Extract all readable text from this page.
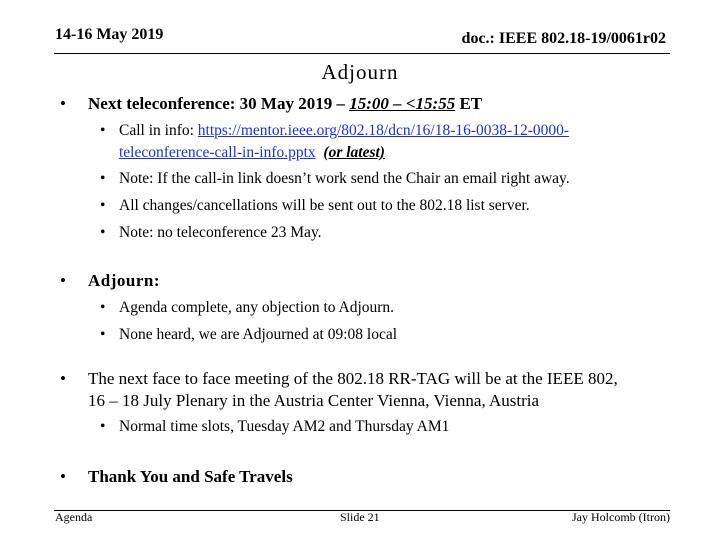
14-16 May 2019	doc.: IEEE 802.18-19/0061r02
Adjourn
• Next teleconference: 30 May 2019 – 15:00 – <15:55 ET
• Call in info: https://mentor.ieee.org/802.18/dcn/16/18-16-0038-12-0000-
teleconference-call-in-info.pptx (or latest)
• Note: If the call-in link doesn’t work send the Chair an email right away.
• All changes/cancellations will be sent out to the 802.18 list server.
• Note: no teleconference 23 May.
• Adjourn:
• Agenda complete, any objection to Adjourn.
• None heard, we are Adjourned at 09:08 local
• The next face to face meeting of the 802.18 RR-TAG will be at the IEEE 802,
16 – 18 July Plenary in the Austria Center Vienna, Vienna, Austria
• Normal time slots, Tuesday AM2 and Thursday AM1
• Thank You and Safe Travels
Agenda	Slide 21	Jay Holcomb (Itron)
